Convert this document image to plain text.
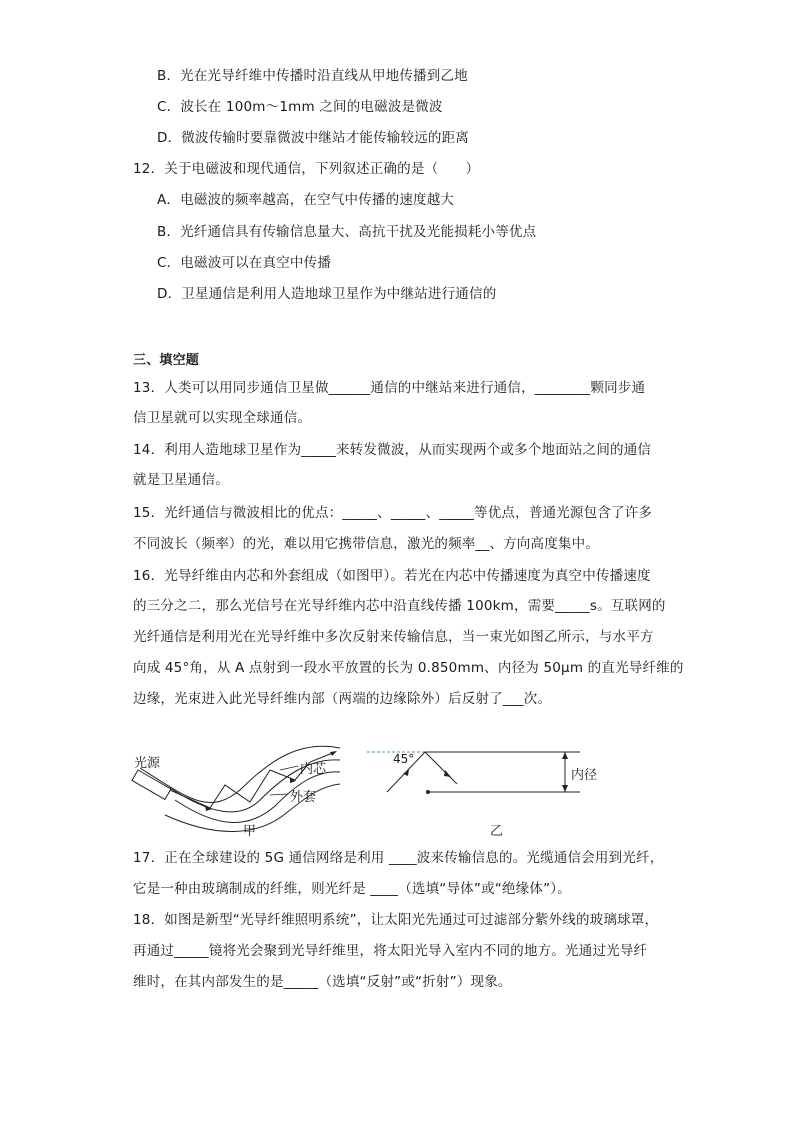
B．光在光导纤维中传播时沿直线从甲地传播到乙地
C．波长在 100m～1mm 之间的电磁波是微波
D．微波传输时要靠微波中继站才能传输较远的距离
12．关于电磁波和现代通信，下列叙述正确的是（　　）
A．电磁波的频率越高，在空气中传播的速度越大
B．光纤通信具有传输信息量大、高抗干扰及光能损耗小等优点
C．电磁波可以在真空中传播
D．卫星通信是利用人造地球卫星作为中继站进行通信的
三、填空题
13．人类可以用同步通信卫星做______通信的中继站来进行通信，________颗同步通
信卫星就可以实现全球通信。
14．利用人造地球卫星作为_____来转发微波，从而实现两个或多个地面站之间的通信
就是卫星通信。
15．光纤通信与微波相比的优点：_____、_____、_____等优点，普通光源包含了许多
不同波长（频率）的光，难以用它携带信息，激光的频率__、方向高度集中。
16．光导纤维由内芯和外套组成（如图甲）。若光在内芯中传播速度为真空中传播速度
的三分之二，那么光信号在光导纤维内芯中沿直线传播 100km，需要_____s。互联网的
光纤通信是利用光在光导纤维中多次反射来传输信息，当一束光如图乙所示，与水平方
向成 45°角，从 A 点射到一段水平放置的长为 0.850mm、内径为 50μm 的直光导纤维的
边缘，光束进入此光导纤维内部（两端的边缘除外）后反射了___次。
光源	内芯
外套
甲
45°
内径
乙
17．正在全球建设的 5G 通信网络是利用 ____波来传输信息的。光缆通信会用到光纤，
它是一种由玻璃制成的纤维，则光纤是 ____（选填“导体”或“绝缘体”）。
18．如图是新型“光导纤维照明系统”，让太阳光先通过可过滤部分紫外线的玻璃球罩，
再通过_____镜将光会聚到光导纤维里，将太阳光导入室内不同的地方。光通过光导纤
维时，在其内部发生的是_____（选填“反射”或“折射”）现象。
